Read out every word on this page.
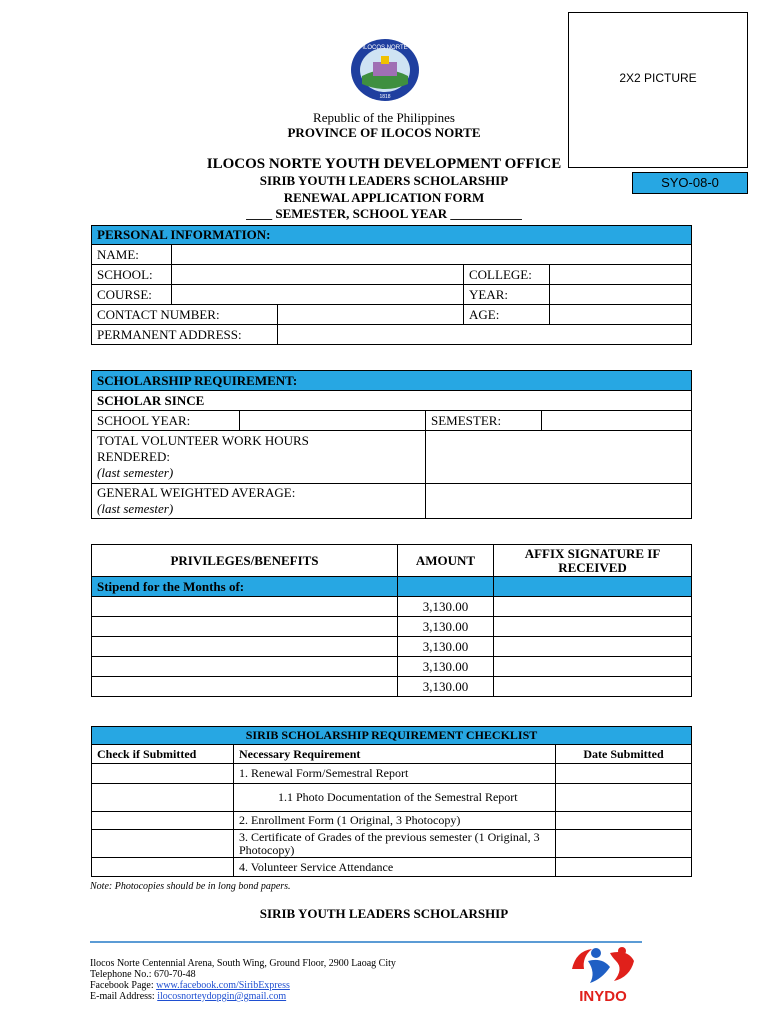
ILOCOS NORTE
1818
2X2 PICTURE
SYO-08-0
Republic of the Philippines
PROVINCE OF ILOCOS NORTE
ILOCOS NORTE YOUTH DEVELOPMENT OFFICE
SIRIB YOUTH LEADERS SCHOLARSHIP
RENEWAL APPLICATION FORM
____ SEMESTER, SCHOOL YEAR ___________
PERSONAL INFORMATION:				
NAME:				
SCHOOL:			COLLEGE:	
COURSE:			YEAR:	
CONTACT NUMBER:			AGE:	
PERMANENT ADDRESS:				
SCHOLARSHIP REQUIREMENT:			
SCHOLAR SINCE			
SCHOOL YEAR:		SEMESTER:	

TOTAL VOLUNTEER WORK HOURS
RENDERED:
(last semester)			

GENERAL WEIGHTED AVERAGE:
(last semester)			

PRIVILEGES/BENEFITS	AMOUNT	AFFIX SIGNATURE IF RECEIVED
Stipend for the Months of:		
	3,130.00	
	3,130.00	
	3,130.00	
	3,130.00	
	3,130.00	
SIRIB SCHOLARSHIP REQUIREMENT CHECKLIST		
Check if Submitted	Necessary Requirement	Date Submitted
	1. Renewal Form/Semestral Report	
	1.1 Photo Documentation of the Semestral Report	
	2. Enrollment Form (1 Original, 3 Photocopy)	
	3. Certificate of Grades of the previous semester (1 Original, 3 Photocopy)	
	4. Volunteer Service Attendance	
Note: Photocopies should be in long bond papers.
SIRIB YOUTH LEADERS SCHOLARSHIP
Ilocos Norte Centennial Arena, South Wing, Ground Floor, 2900 Laoag City
Telephone No.: 670-70-48
Facebook Page: www.facebook.com/SiribExpress
E-mail Address: ilocosnorteydopgin@gmail.com	INYDO
